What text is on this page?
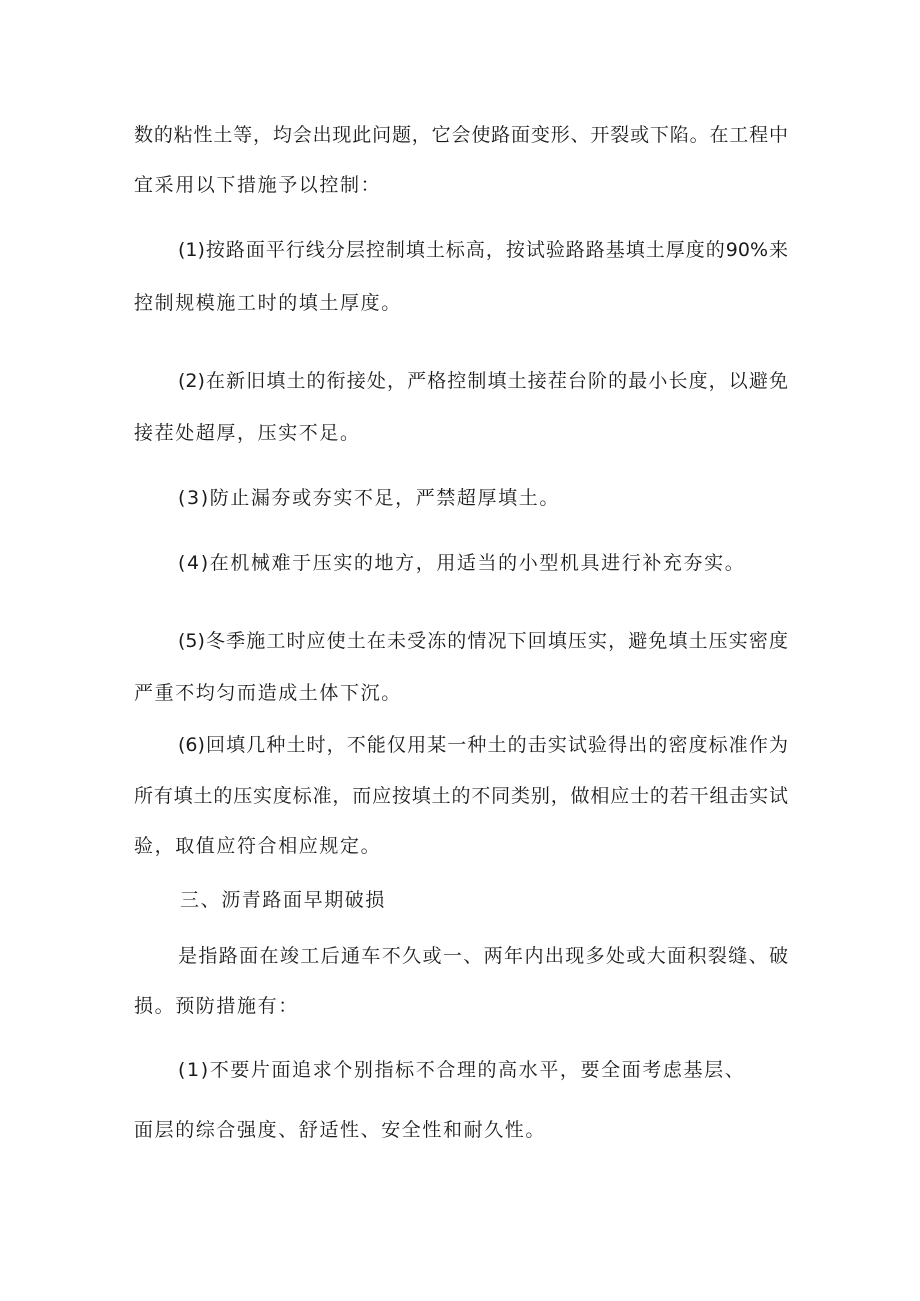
数的粘性土等，均会出现此问题，它会使路面变形、开裂或下陷。在工程中
宜采用以下措施予以控制：
(1)按路面平行线分层控制填土标高，按试验路路基填土厚度的90%来
控制规模施工时的填土厚度。
(2)在新旧填土的衔接处，严格控制填土接茬台阶的最小长度，以避免
接茬处超厚，压实不足。
(3)防止漏夯或夯实不足，严禁超厚填土。
(4)在机械难于压实的地方，用适当的小型机具进行补充夯实。
(5)冬季施工时应使土在未受冻的情况下回填压实，避免填土压实密度
严重不均匀而造成土体下沉。
(6)回填几种土时，不能仅用某一种土的击实试验得出的密度标准作为
所有填土的压实度标准，而应按填土的不同类别，做相应士的若干组击实试
验，取值应符合相应规定。
三、沥青路面早期破损
是指路面在竣工后通车不久或一、两年内出现多处或大面积裂缝、破
损。预防措施有：
(1)不要片面追求个别指标不合理的高水平，要全面考虑基层、
面层的综合强度、舒适性、安全性和耐久性。
